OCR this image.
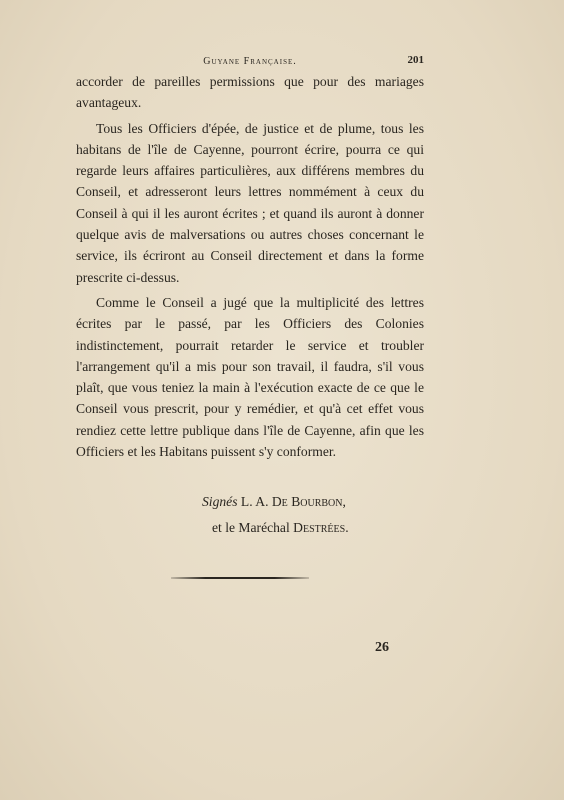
Guyane Française.	201

accorder de pareilles permissions que pour des mariages avantageux.

Tous les Officiers d'épée, de justice et de plume, tous les habitans de l'île de Cayenne, pourront écrire, pourra ce qui regarde leurs affaires particulières, aux différens membres du Conseil, et adresseront leurs lettres nommément à ceux du Conseil à qui il les auront écrites ; et quand ils auront à donner quelque avis de malversations ou autres choses concernant le service, ils écriront au Conseil directement et dans la forme prescrite ci-dessus.

Comme le Conseil a jugé que la multiplicité des lettres écrites par le passé, par les Officiers des Colonies indistinctement, pourrait retarder le service et troubler l'arrangement qu'il a mis pour son travail, il faudra, s'il vous plaît, que vous teniez la main à l'exécution exacte de ce que le Conseil vous prescrit, pour y remédier, et qu'à cet effet vous rendiez cette lettre publique dans l'île de Cayenne, afin que les Officiers et les Habitans puissent s'y conformer.

Signés L. A. De Bourbon,
et le Maréchal Destrées.
26
